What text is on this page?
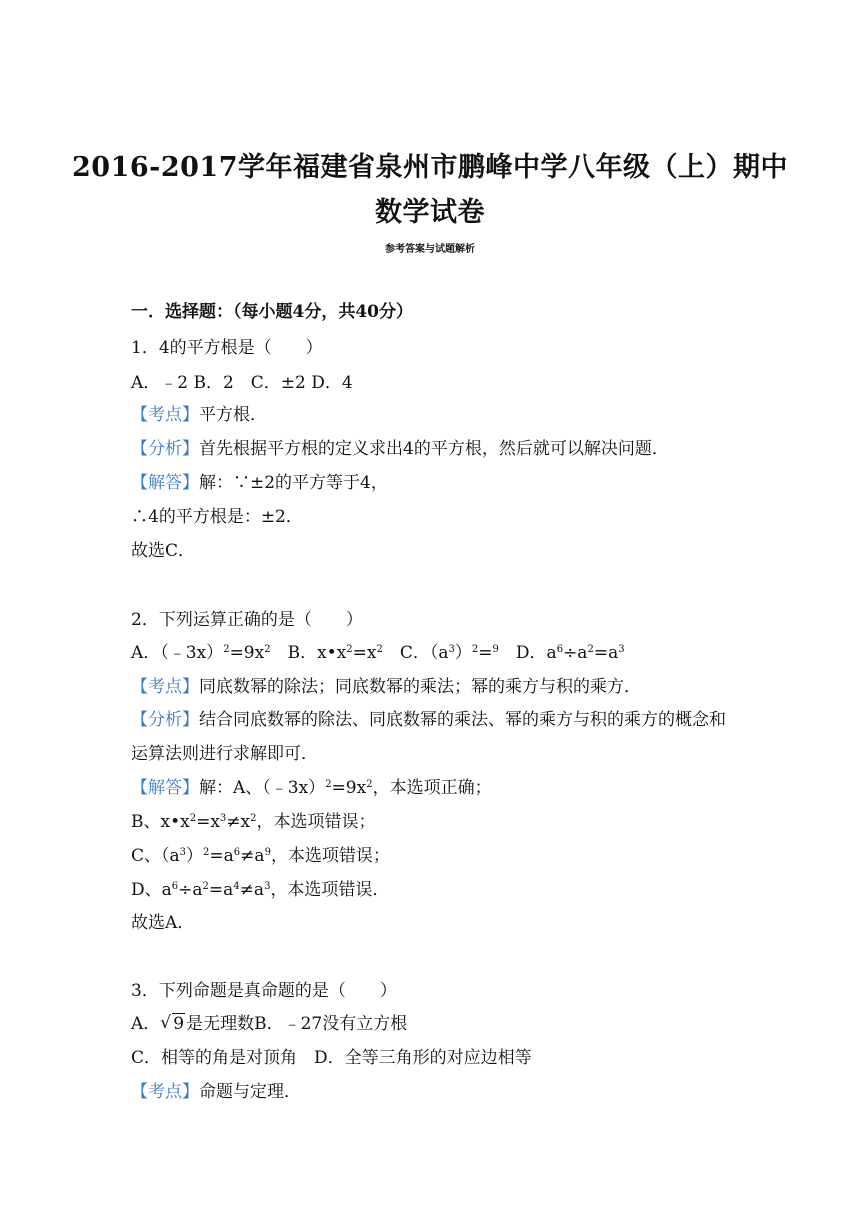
2016-2017学年福建省泉州市鹏峰中学八年级（上）期中
数学试卷
参考答案与试题解析
一．选择题：（每小题4分，共40分）
1．4的平方根是（　　）
A．﹣2 B．2　C．±2 D．4
【考点】平方根．
【分析】首先根据平方根的定义求出4的平方根，然后就可以解决问题．
【解答】解：∵±2的平方等于4，
∴4的平方根是：±2．
故选C．
2．下列运算正确的是（　　）
A．$(﹣3x)^2=9x^2$　B．$x•x^2=x^2$　C．$(a^3)^2=^9$　D．$a^6\div a^2=a^3$
【考点】同底数幂的除法；同底数幂的乘法；幂的乘方与积的乘方．
【分析】结合同底数幂的除法、同底数幂的乘法、幂的乘方与积的乘方的概念和
运算法则进行求解即可．
【解答】解：A、$(﹣3x)^2=9x^2$，本选项正确；
B、$x•x^2=x^3\ne x^2$，本选项错误；
C、$(a^3)^2=a^6\ne a^9$，本选项错误；
D、$a^6\div a^2=a^4\ne a^3$，本选项错误．
故选A．
3．下列命题是真命题的是（　　）
A． √ 9 是无理数B．﹣27没有立方根
C．相等的角是对顶角　D．全等三角形的对应边相等
【考点】命题与定理．
